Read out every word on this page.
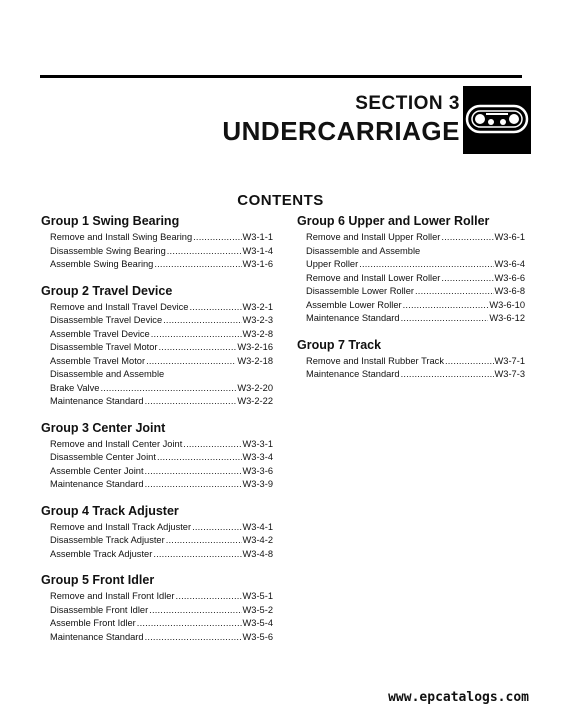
SECTION 3
UNDERCARRIAGE
CONTENTS
Group 1 Swing Bearing
Remove and Install Swing Bearing .....	W3-1-1
Disassemble Swing Bearing .....	W3-1-4
Assemble Swing Bearing .....	W3-1-6
Group 2 Travel Device
Remove and Install Travel Device .....	W3-2-1
Disassemble Travel Device .....	W3-2-3
Assemble Travel Device .....	W3-2-8
Disassemble Travel Motor .....	W3-2-16
Assemble Travel Motor .....	W3-2-18
Disassemble and Assemble
Brake Valve .....	W3-2-20
Maintenance Standard .....	W3-2-22
Group 3 Center Joint
Remove and Install Center Joint .....	W3-3-1
Disassemble Center Joint .....	W3-3-4
Assemble Center Joint .....	W3-3-6
Maintenance Standard .....	W3-3-9
Group 4 Track Adjuster
Remove and Install Track Adjuster .....	W3-4-1
Disassemble Track Adjuster .....	W3-4-2
Assemble Track Adjuster .....	W3-4-8
Group 5 Front Idler
Remove and Install Front Idler .....	W3-5-1
Disassemble Front Idler .....	W3-5-2
Assemble Front Idler .....	W3-5-4
Maintenance Standard .....	W3-5-6
Group 6 Upper and Lower Roller
Remove and Install Upper Roller .....	W3-6-1
Disassemble and Assemble
Upper Roller .....	W3-6-4
Remove and Install Lower Roller .....	W3-6-6
Disassemble Lower Roller .....	W3-6-8
Assemble Lower Roller .....	W3-6-10
Maintenance Standard .....	W3-6-12
Group 7 Track
Remove and Install Rubber Track .....	W3-7-1
Maintenance Standard .....	W3-7-3
www.epcatalogs.com
